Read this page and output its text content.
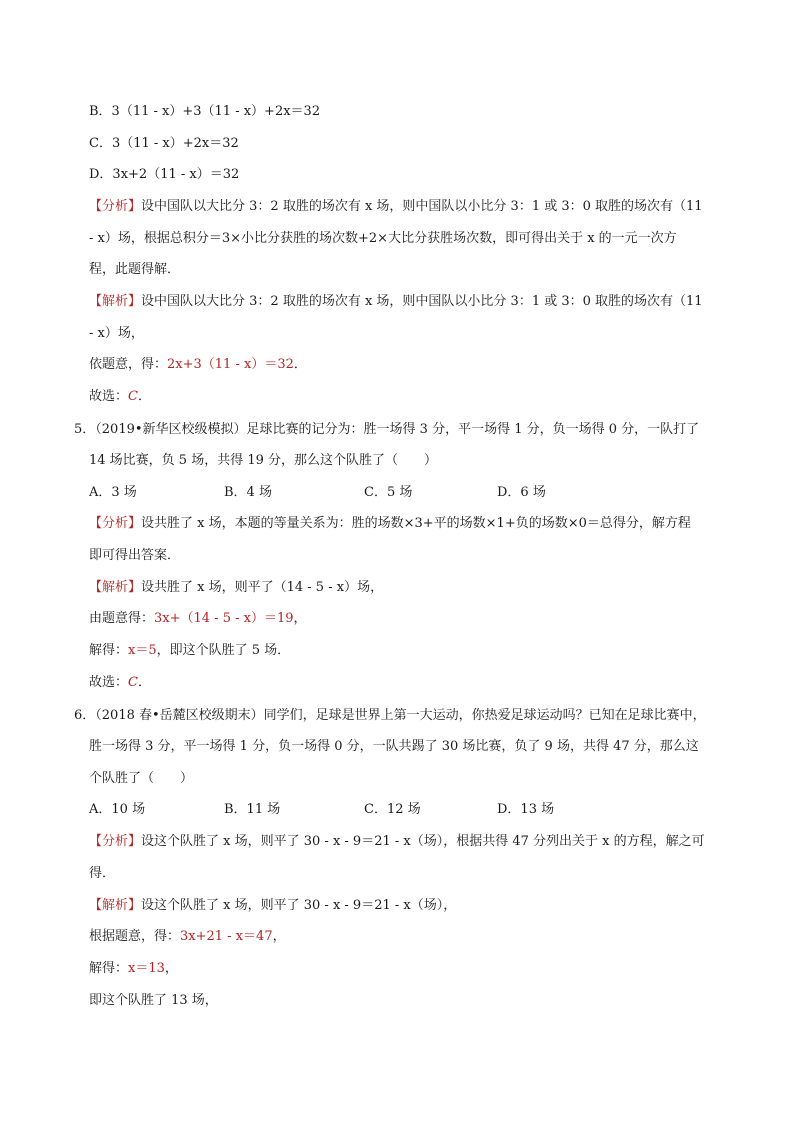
B．3（11 - x）+3（11 - x）+2x＝32
C．3（11 - x）+2x＝32
D．3x+2（11 - x）＝32
【分析】设中国队以大比分 3：2 取胜的场次有 x 场，则中国队以小比分 3：1 或 3：0 取胜的场次有（11
- x）场，根据总积分＝3×小比分获胜的场次数+2×大比分获胜场次数，即可得出关于 x 的一元一次方
程，此题得解．
【解析】设中国队以大比分 3：2 取胜的场次有 x 场，则中国队以小比分 3：1 或 3：0 取胜的场次有（11
- x）场，
依题意，得：2x+3（11 - x）＝32．
故选：C．
5．（2019•新华区校级模拟）足球比赛的记分为：胜一场得 3 分，平一场得 1 分，负一场得 0 分，一队打了
14 场比赛，负 5 场，共得 19 分，那么这个队胜了（　　）
A．3 场	B．4 场	C．5 场	D．6 场
【分析】设共胜了 x 场，本题的等量关系为：胜的场数×3+平的场数×1+负的场数×0＝总得分，解方程
即可得出答案．
【解析】设共胜了 x 场，则平了（14 - 5 - x）场，
由题意得：3x+（14 - 5 - x）＝19，
解得：x＝5，即这个队胜了 5 场．
故选：C．
6．（2018 春•岳麓区校级期末）同学们，足球是世界上第一大运动，你热爱足球运动吗？已知在足球比赛中，
胜一场得 3 分，平一场得 1 分，负一场得 0 分，一队共踢了 30 场比赛，负了 9 场，共得 47 分，那么这
个队胜了（　　）
A．10 场	B．11 场	C．12 场	D．13 场
【分析】设这个队胜了 x 场，则平了 30 - x - 9＝21 - x（场），根据共得 47 分列出关于 x 的方程，解之可
得．
【解析】设这个队胜了 x 场，则平了 30 - x - 9＝21 - x（场），
根据题意，得：3x+21 - x＝47，
解得：x＝13，
即这个队胜了 13 场，
